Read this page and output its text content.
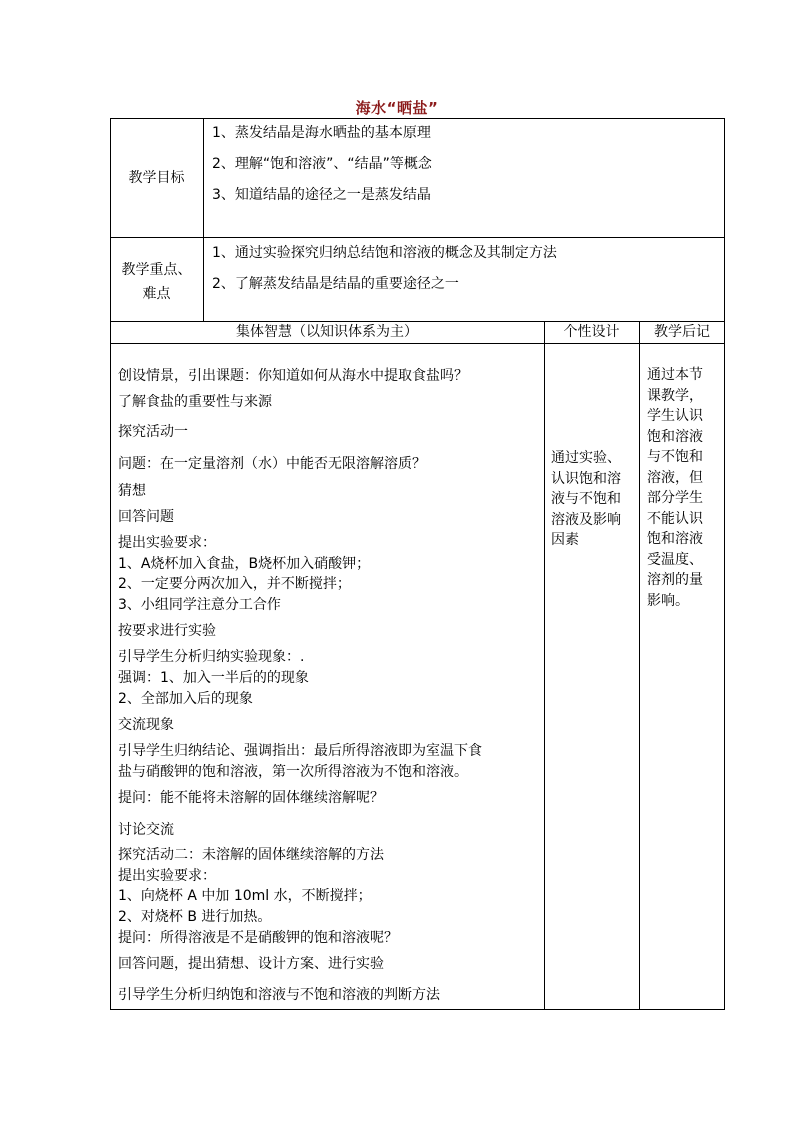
海水“晒盐”
教学目标
1、蒸发结晶是海水晒盐的基本原理
2、理解“饱和溶液”、“结晶”等概念
3、知道结晶的途径之一是蒸发结晶
教学重点、
难点
1、通过实验探究归纳总结饱和溶液的概念及其制定方法
2、了解蒸发结晶是结晶的重要途径之一
集体智慧（以知识体系为主）	个性设计	教学后记
创设情景，引出课题：你知道如何从海水中提取食盐吗？
了解食盐的重要性与来源
探究活动一
问题：在一定量溶剂（水）中能否无限溶解溶质？
猜想
回答问题
提出实验要求：
1、A烧杯加入食盐，B烧杯加入硝酸钾；
2、一定要分两次加入，并不断搅拌；
3、小组同学注意分工合作
按要求进行实验
引导学生分析归纳实验现象：.
强调：1、加入一半后的的现象
2、全部加入后的现象
交流现象
引导学生归纳结论、强调指出：最后所得溶液即为室温下食
盐与硝酸钾的饱和溶液，第一次所得溶液为不饱和溶液。
提问：能不能将未溶解的固体继续溶解呢？
讨论交流
探究活动二：未溶解的固体继续溶解的方法
提出实验要求：
1、向烧杯 A 中加 10ml 水，不断搅拌；
2、对烧杯 B 进行加热。
提问：所得溶液是不是硝酸钾的饱和溶液呢？
回答问题，提出猜想、设计方案、进行实验
引导学生分析归纳饱和溶液与不饱和溶液的判断方法
通过实验、
认识饱和溶
液与不饱和
溶液及影响
因素
通过本节
课教学，
学生认识
饱和溶液
与不饱和
溶液，但
部分学生
不能认识
饱和溶液
受温度、
溶剂的量
影响。
